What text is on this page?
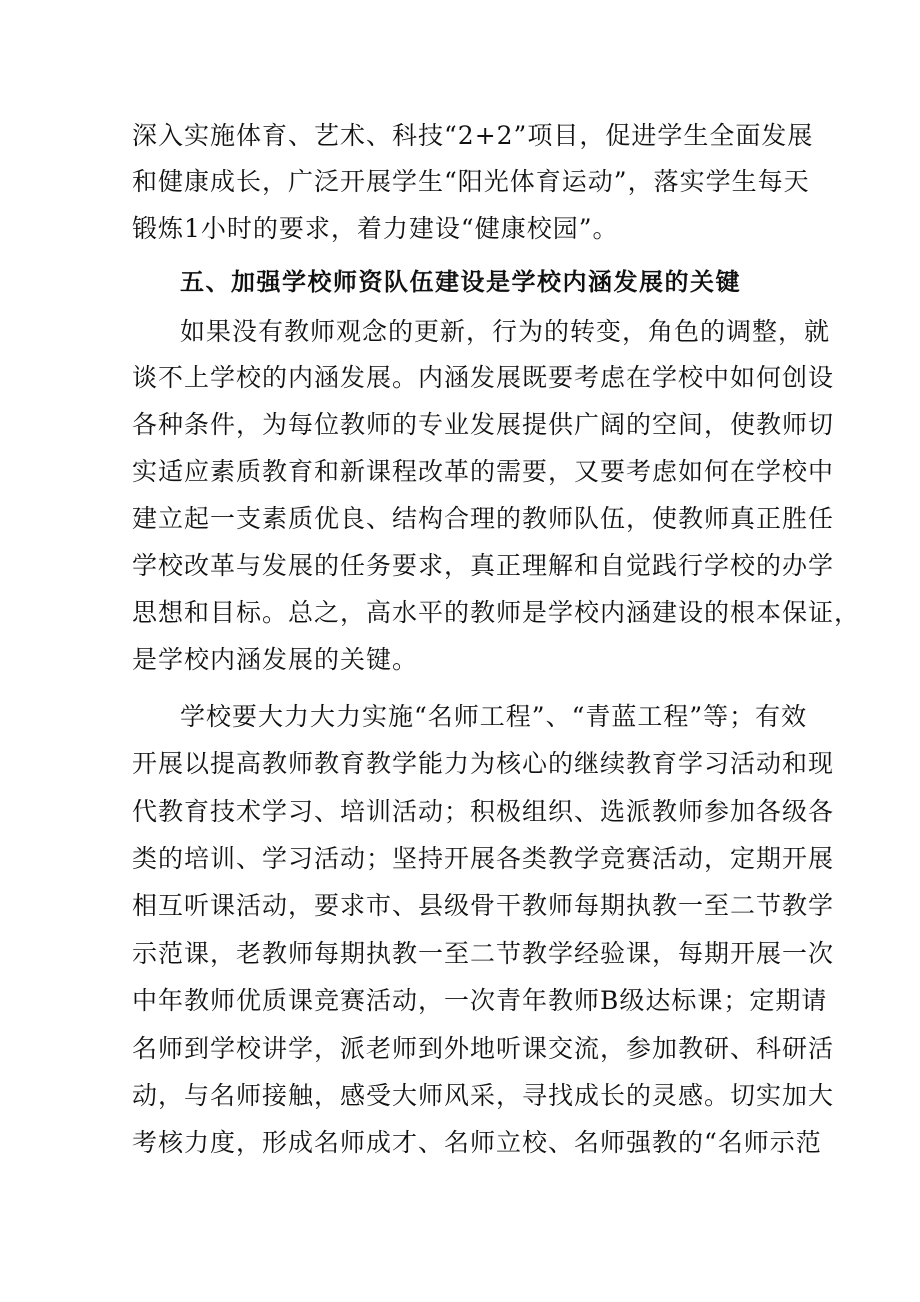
深入实施体育、艺术、科技“2+2”项目，促进学生全面发展
和健康成长，广泛开展学生“阳光体育运动”，落实学生每天
锻炼1小时的要求，着力建设“健康校园”。
五、加强学校师资队伍建设是学校内涵发展的关键
如果没有教师观念的更新，行为的转变，角色的调整，就
谈不上学校的内涵发展。内涵发展既要考虑在学校中如何创设
各种条件，为每位教师的专业发展提供广阔的空间，使教师切
实适应素质教育和新课程改革的需要，又要考虑如何在学校中
建立起一支素质优良、结构合理的教师队伍，使教师真正胜任
学校改革与发展的任务要求，真正理解和自觉践行学校的办学
思想和目标。总之，高水平的教师是学校内涵建设的根本保证，
是学校内涵发展的关键。
学校要大力大力实施“名师工程”、“青蓝工程”等；有效
开展以提高教师教育教学能力为核心的继续教育学习活动和现
代教育技术学习、培训活动；积极组织、选派教师参加各级各
类的培训、学习活动；坚持开展各类教学竞赛活动，定期开展
相互听课活动，要求市、县级骨干教师每期执教一至二节教学
示范课，老教师每期执教一至二节教学经验课，每期开展一次
中年教师优质课竞赛活动，一次青年教师B级达标课；定期请
名师到学校讲学，派老师到外地听课交流，参加教研、科研活
动，与名师接触，感受大师风采，寻找成长的灵感。切实加大
考核力度，形成名师成才、名师立校、名师强教的“名师示范
